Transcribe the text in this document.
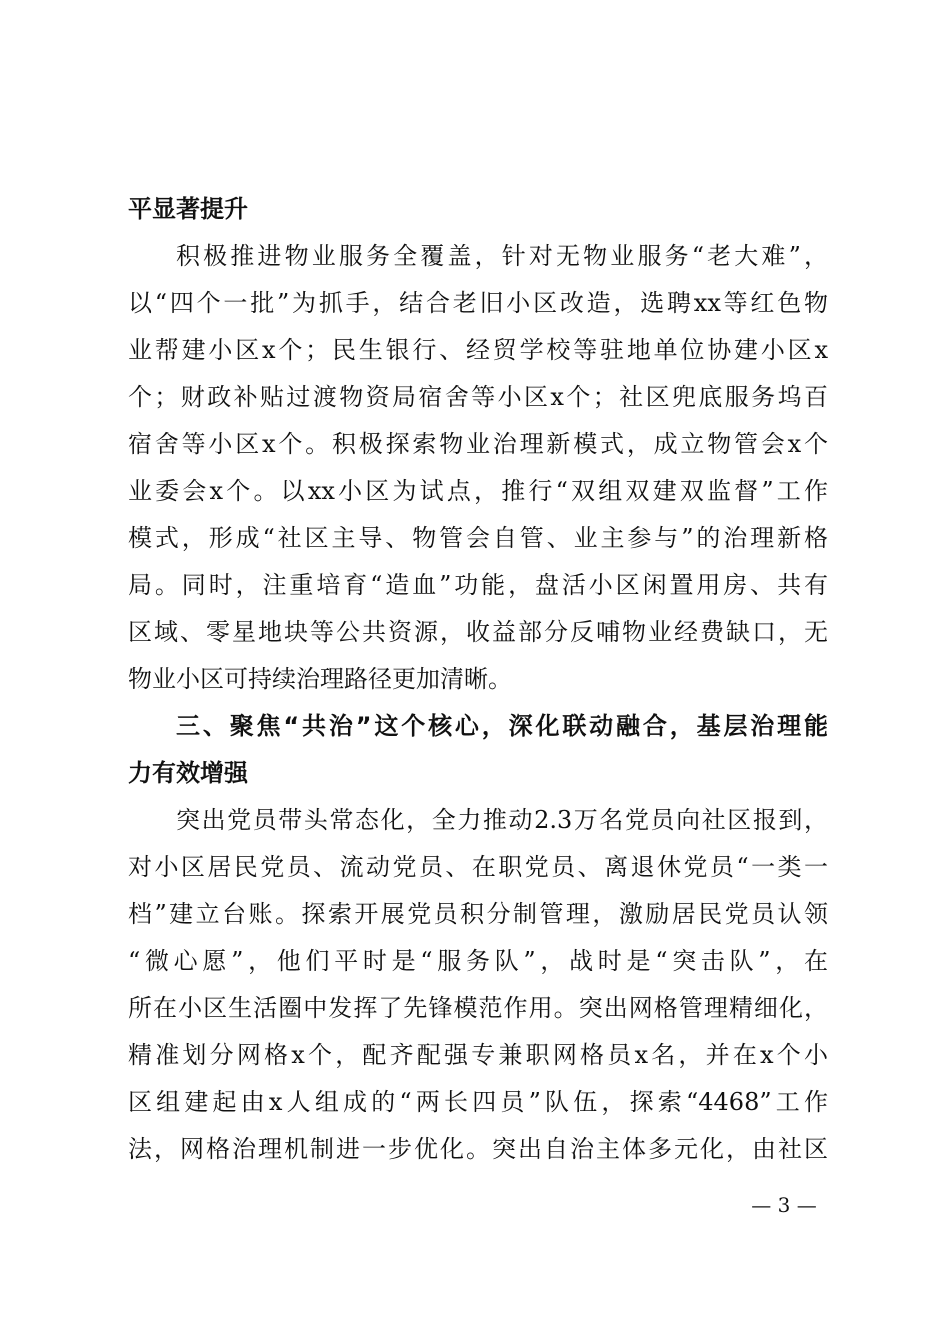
平显著提升
积极推进物业服务全覆盖，针对无物业服务“老大难”，
以“四个一批”为抓手，结合老旧小区改造，选聘xx等红色物
业帮建小区x个；民生银行、经贸学校等驻地单位协建小区x
个；财政补贴过渡物资局宿舍等小区x个；社区兜底服务坞百
宿舍等小区x个。积极探索物业治理新模式，成立物管会x个
业委会x个。以xx小区为试点，推行“双组双建双监督”工作
模式，形成“社区主导、物管会自管、业主参与”的治理新格
局。同时，注重培育“造血”功能，盘活小区闲置用房、共有
区域、零星地块等公共资源，收益部分反哺物业经费缺口，无
物业小区可持续治理路径更加清晰。
三、聚焦“共治”这个核心，深化联动融合，基层治理能
力有效增强
突出党员带头常态化，全力推动2.3万名党员向社区报到，
对小区居民党员、流动党员、在职党员、离退休党员“一类一
档”建立台账。探索开展党员积分制管理，激励居民党员认领
“微心愿”，他们平时是“服务队”，战时是“突击队”，在
所在小区生活圈中发挥了先锋模范作用。突出网格管理精细化，
精准划分网格x个，配齐配强专兼职网格员x名，并在x个小
区组建起由x人组成的“两长四员”队伍，探索“4468”工作
法，网格治理机制进一步优化。突出自治主体多元化，由社区
— 3 —
